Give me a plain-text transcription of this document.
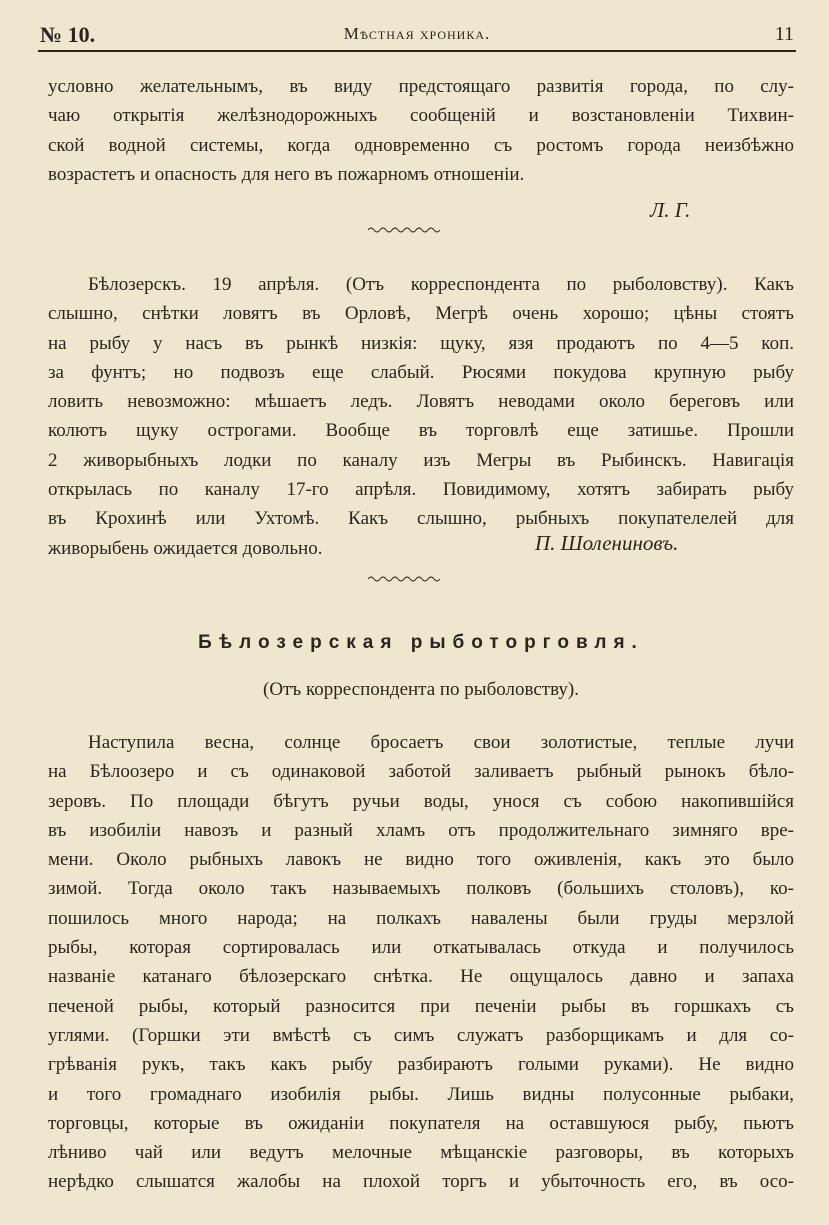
№ 10.	Мѣстная хроника.	11
условно желательнымъ, въ виду предстоящаго развитія города, по слу-
чаю открытія желѣзнодорожныхъ сообщеній и возстановленіи Тихвин-
ской водной системы, когда одновременно съ ростомъ города неизбѣжно
возрастетъ и опасность для него въ пожарномъ отношеніи.
Л. Г.
Бѣлозерскъ. 19 апрѣля. (Отъ корреспондента по рыболовству). Какъ
слышно, снѣтки ловятъ въ Орловѣ, Мегрѣ очень хорошо; цѣны стоятъ
на рыбу у насъ въ рынкѣ низкія: щуку, язя продаютъ по 4—5 коп.
за фунтъ; но подвозъ еще слабый. Рюсями покудова крупную рыбу
ловить невозможно: мѣшаетъ ледъ. Ловятъ неводами около береговъ или
колютъ щуку острогами. Вообще въ торговлѣ еще затишье. Прошли
2 живорыбныхъ лодки по каналу изъ Мегры въ Рыбинскъ. Навигація
открылась по каналу 17-го апрѣля. Повидимому, хотятъ забирать рыбу
въ Крохинѣ или Ухтомѣ. Какъ слышно, рыбныхъ покупателелей для
живорыбень ожидается довольно.	П. Шолениновъ.
Бѣлозерская рыботорговля.
(Отъ корреспондента по рыболовству).
Наступила весна, солнце бросаетъ свои золотистые, теплые лучи
на Бѣлоозеро и съ одинаковой заботой заливаетъ рыбный рынокъ бѣло-
зеровъ. По площади бѣгутъ ручьи воды, унося съ собою накопившійся
въ изобиліи навозъ и разный хламъ отъ продолжительнаго зимняго вре-
мени. Около рыбныхъ лавокъ не видно того оживленія, какъ это было
зимой. Тогда около такъ называемыхъ полковъ (большихъ столовъ), ко-
пошилось много народа; на полкахъ навалены были груды мерзлой
рыбы, которая сортировалась или откатывалась откуда и получилось
названіе катанаго бѣлозерскаго снѣтка. Не ощущалось давно и запаха
печеной рыбы, который разносится при печеніи рыбы въ горшкахъ съ
углями. (Горшки эти вмѣстѣ съ симъ служатъ разборщикамъ и для со-
грѣванія рукъ, такъ какъ рыбу разбираютъ голыми руками). Не видно
и того громаднаго изобилія рыбы. Лишь видны полусонные рыбаки,
торговцы, которые въ ожиданіи покупателя на оставшуюся рыбу, пьютъ
лѣниво чай или ведутъ мелочные мѣщанскіе разговоры, въ которыхъ
нерѣдко слышатся жалобы на плохой торгъ и убыточность его, въ осо-
